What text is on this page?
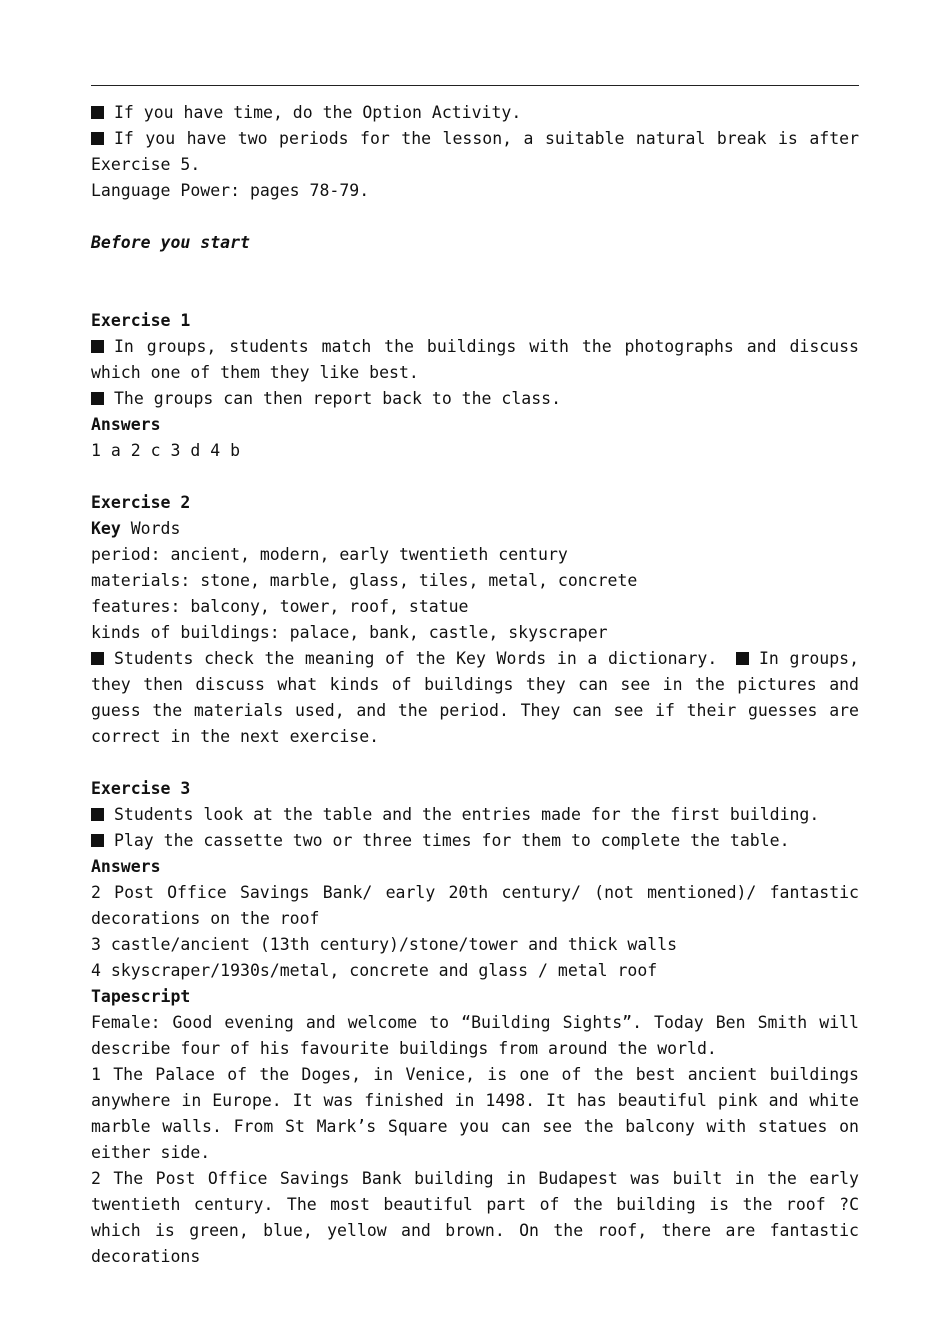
If you have time, do the Option Activity.
If you have two periods for the lesson, a suitable natural break is after Exercise 5.
Language Power: pages 78-79.
Before you start
Exercise 1
In groups, students match the buildings with the photographs and discuss which one of them they like best.
The groups can then report back to the class.
Answers
1 a 2 c 3 d 4 b
Exercise 2
Key Words
period: ancient, modern, early twentieth century
materials: stone, marble, glass, tiles, metal, concrete
features: balcony, tower, roof, statue
kinds of buildings: palace, bank, castle, skyscraper
Students check the meaning of the Key Words in a dictionary.	In groups, they then discuss what kinds of buildings they can see in the pictures and guess the materials used, and the period. They can see if their guesses are correct in the next exercise.
Exercise 3
Students look at the table and the entries made for the first building.
Play the cassette two or three times for them to complete the table.
Answers
2 Post Office Savings Bank/ early 20th century/ (not mentioned)/ fantastic decorations on the roof
3 castle/ancient (13th century)/stone/tower and thick walls
4 skyscraper/1930s/metal, concrete and glass / metal roof
Tapescript
Female: Good evening and welcome to “Building Sights”. Today Ben Smith will describe four of his favourite buildings from around the world.
1 The Palace of the Doges, in Venice, is one of the best ancient buildings anywhere in Europe. It was finished in 1498. It has beautiful pink and white marble walls. From St Mark’s Square you can see the balcony with statues on either side.
2 The Post Office Savings Bank building in Budapest was built in the early twentieth century. The most beautiful part of the building is the roof ?C which is green, blue, yellow and brown. On the roof, there are fantastic decorations
